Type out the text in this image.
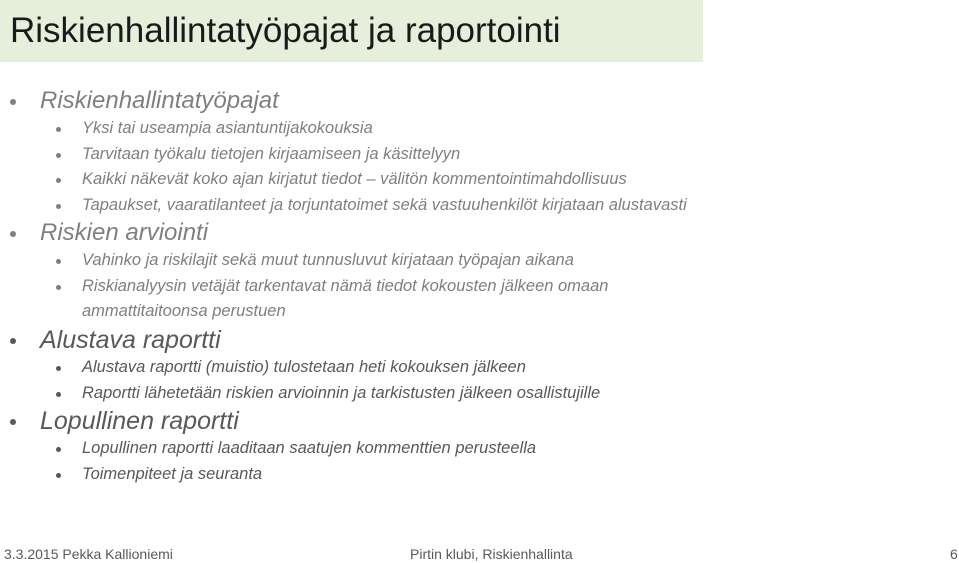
Riskienhallintatyöpajat ja raportointi
Riskienhallintatyöpajat
Yksi tai useampia asiantuntijakokouksia
Tarvitaan työkalu tietojen kirjaamiseen ja käsittelyyn
Kaikki näkevät koko ajan kirjatut tiedot – välitön kommentointimahdollisuus
Tapaukset, vaaratilanteet ja torjuntatoimet sekä vastuuhenkilöt kirjataan alustavasti
Riskien arviointi
Vahinko ja riskilajit sekä muut tunnusluvut kirjataan työpajan aikana
Riskianalyysin vetäjät tarkentavat nämä tiedot kokousten jälkeen omaan
ammattitaitoonsa perustuen
Alustava raportti
Alustava raportti (muistio) tulostetaan heti kokouksen jälkeen
Raportti lähetetään riskien arvioinnin ja tarkistusten jälkeen osallistujille
Lopullinen raportti
Lopullinen raportti laaditaan saatujen kommenttien perusteella
Toimenpiteet ja seuranta
3.3.2015 Pekka Kallioniemi	Pirtin klubi, Riskienhallinta	6
